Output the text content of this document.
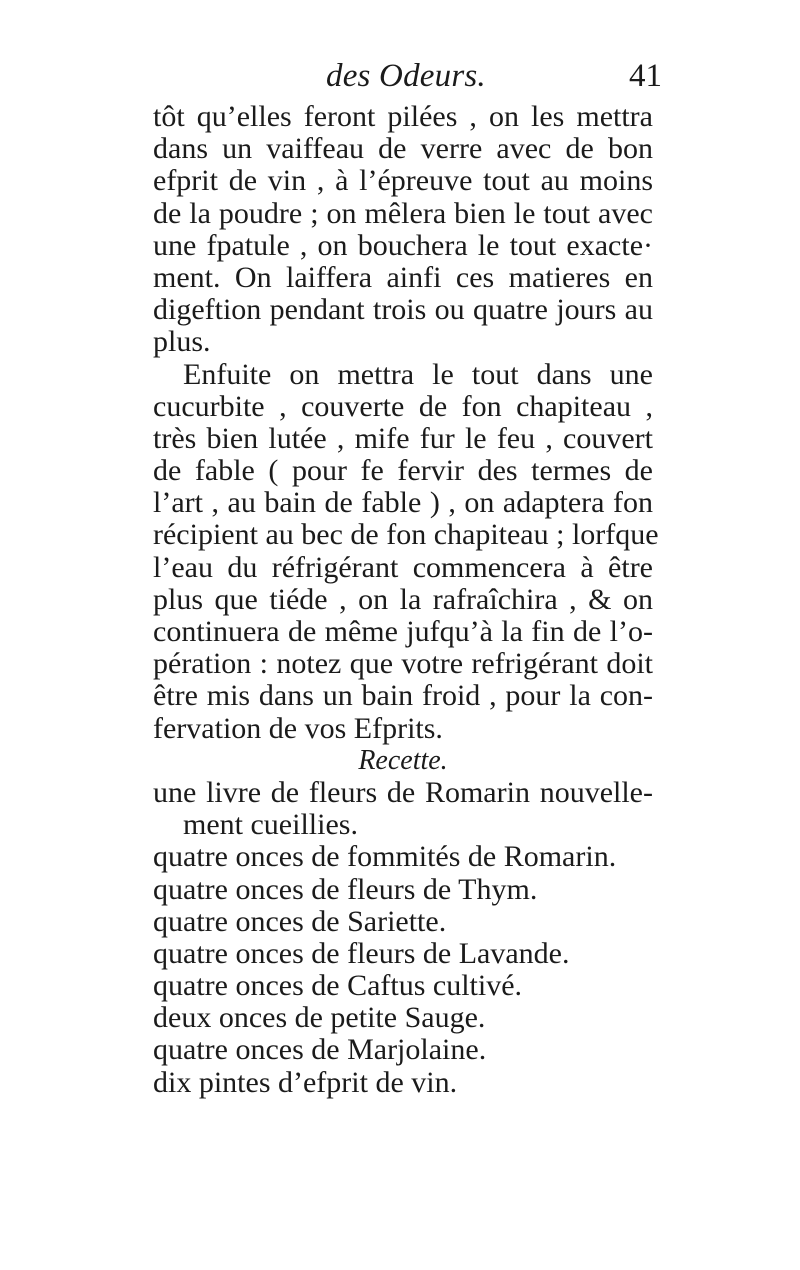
des Odeurs.	41
tôt qu’elles feront pilées , on les mettra
dans un vaiffeau de verre avec de bon
efprit de vin , à l’épreuve tout au moins
de la poudre ; on mêlera bien le tout avec
une fpatule , on bouchera le tout exacte·
ment. On laiffera ainfi ces matieres en
digeftion pendant trois ou quatre jours au
plus.
Enfuite on mettra le tout dans une
cucurbite , couverte de fon chapiteau ,
très bien lutée , mife fur le feu , couvert
de fable ( pour fe fervir des termes de
l’art , au bain de fable ) , on adaptera fon
récipient au bec de fon chapiteau ; lorfque
l’eau du réfrigérant commencera à être
plus que tiéde , on la rafraîchira , & on
continuera de même jufqu’à la fin de l’o-
pération : notez que votre refrigérant doit
être mis dans un bain froid , pour la con-
fervation de vos Efprits.
Recette.
une livre de fleurs de Romarin nouvelle-
ment cueillies.
quatre onces de fommités de Romarin.
quatre onces de fleurs de Thym.
quatre onces de Sariette.
quatre onces de fleurs de Lavande.
quatre onces de Caftus cultivé.
deux onces de petite Sauge.
quatre onces de Marjolaine.
dix pintes d’efprit de vin.
